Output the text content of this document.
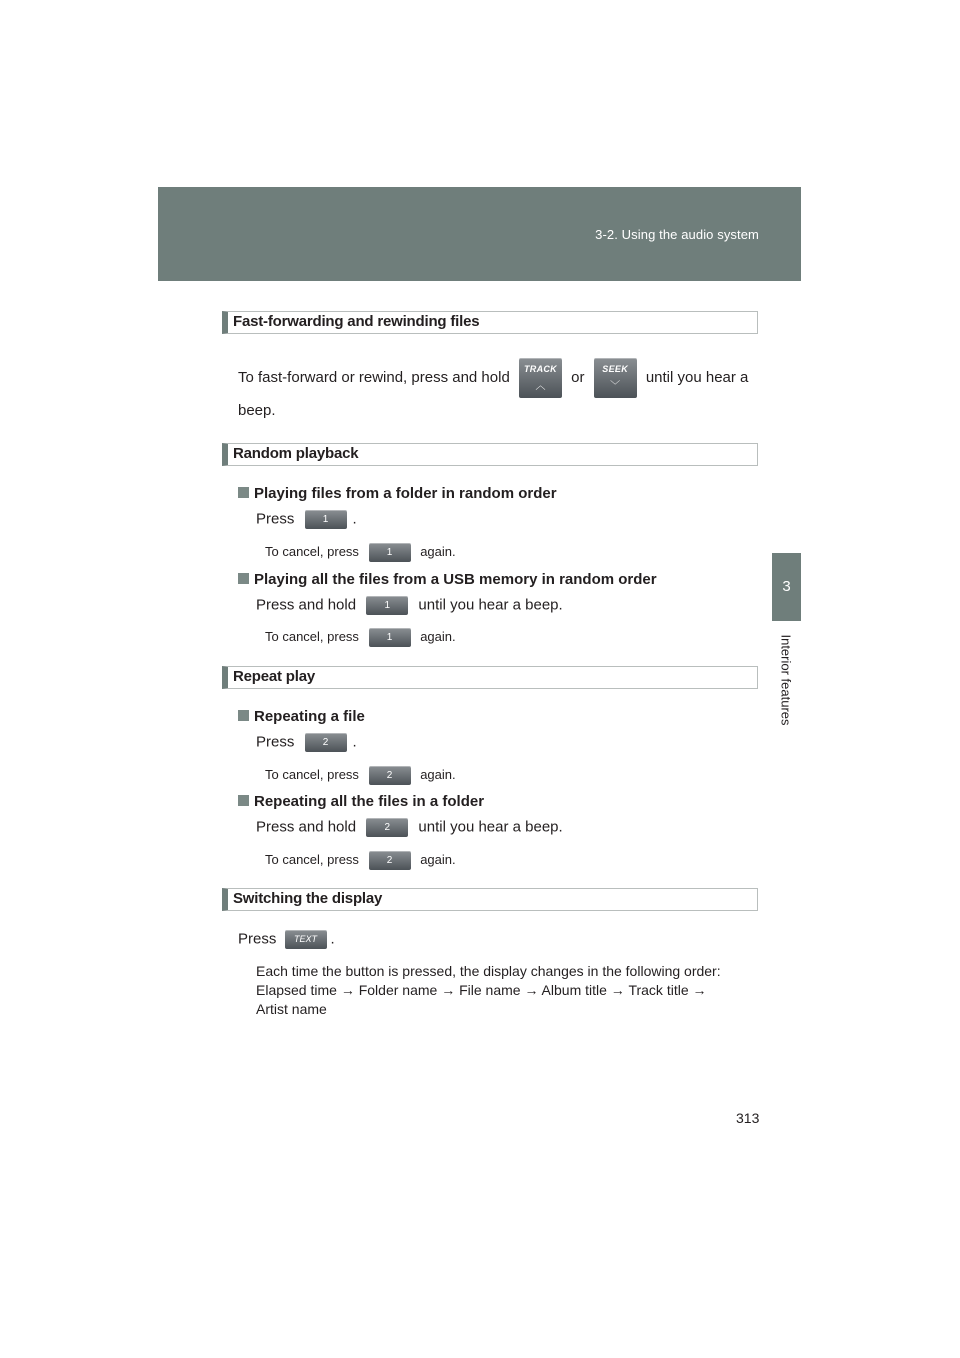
3-2. Using the audio system
3
Interior features
Fast-forwarding and rewinding files
To fast-forward or rewind, press and hold	TRACK
︿
or	SEEK
﹀
until you hear a
beep.
Random playback
Playing files from a folder in random order
Press	1 .
To cancel, press	1 again.
Playing all the files from a USB memory in random order
Press and hold	1 until you hear a beep.
To cancel, press	1 again.
Repeat play
Repeating a file
Press	2 .
To cancel, press	2 again.
Repeating all the files in a folder
Press and hold	2 until you hear a beep.
To cancel, press	2 again.
Switching the display
Press TEXT .
Each time the button is pressed, the display changes in the following order:
Elapsed time → Folder name → File name → Album title → Track title →
Artist name
313
